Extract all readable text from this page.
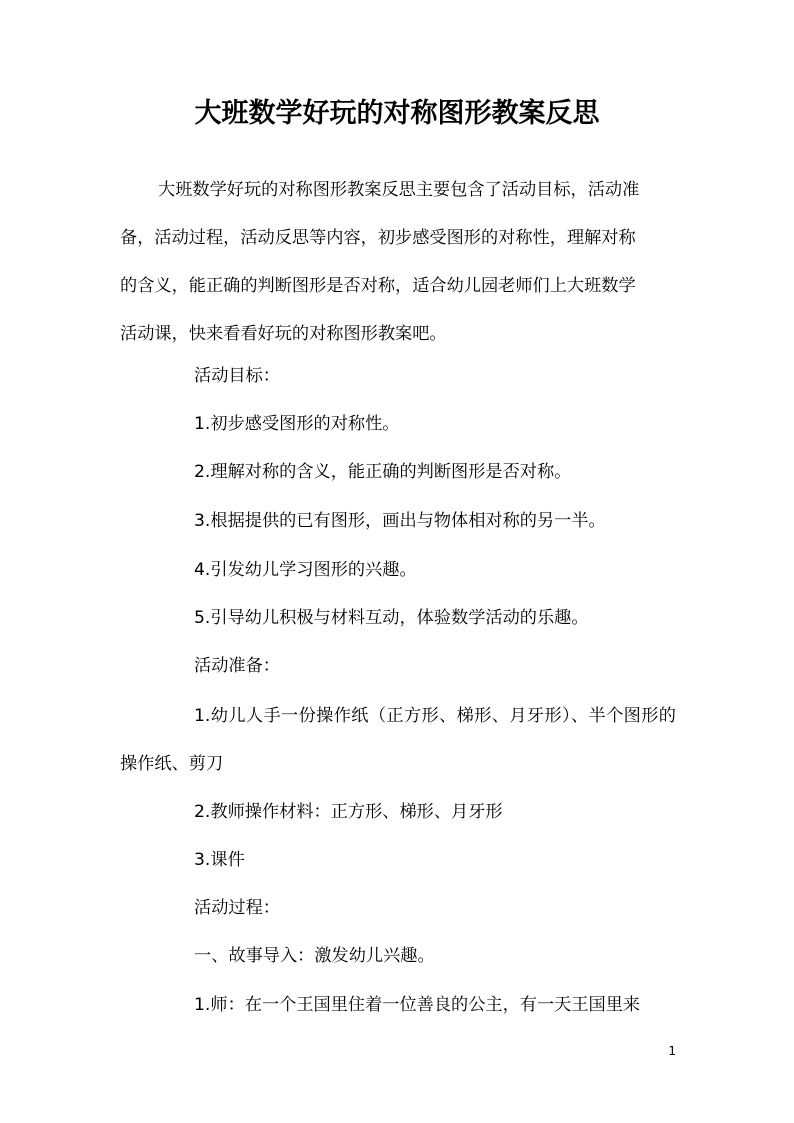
大班数学好玩的对称图形教案反思

大班数学好玩的对称图形教案反思主要包含了活动目标，活动准
备，活动过程，活动反思等内容，初步感受图形的对称性，理解对称
的含义，能正确的判断图形是否对称，适合幼儿园老师们上大班数学
活动课，快来看看好玩的对称图形教案吧。

活动目标：

1.初步感受图形的对称性。

2.理解对称的含义，能正确的判断图形是否对称。

3.根据提供的已有图形，画出与物体相对称的另一半。

4.引发幼儿学习图形的兴趣。

5.引导幼儿积极与材料互动，体验数学活动的乐趣。

活动准备：

1.幼儿人手一份操作纸（正方形、梯形、月牙形）、半个图形的操作纸、剪刀

2.教师操作材料：正方形、梯形、月牙形

3.课件

活动过程：

一、故事导入：激发幼儿兴趣。

1.师：在一个王国里住着一位善良的公主，有一天王国里来

1
